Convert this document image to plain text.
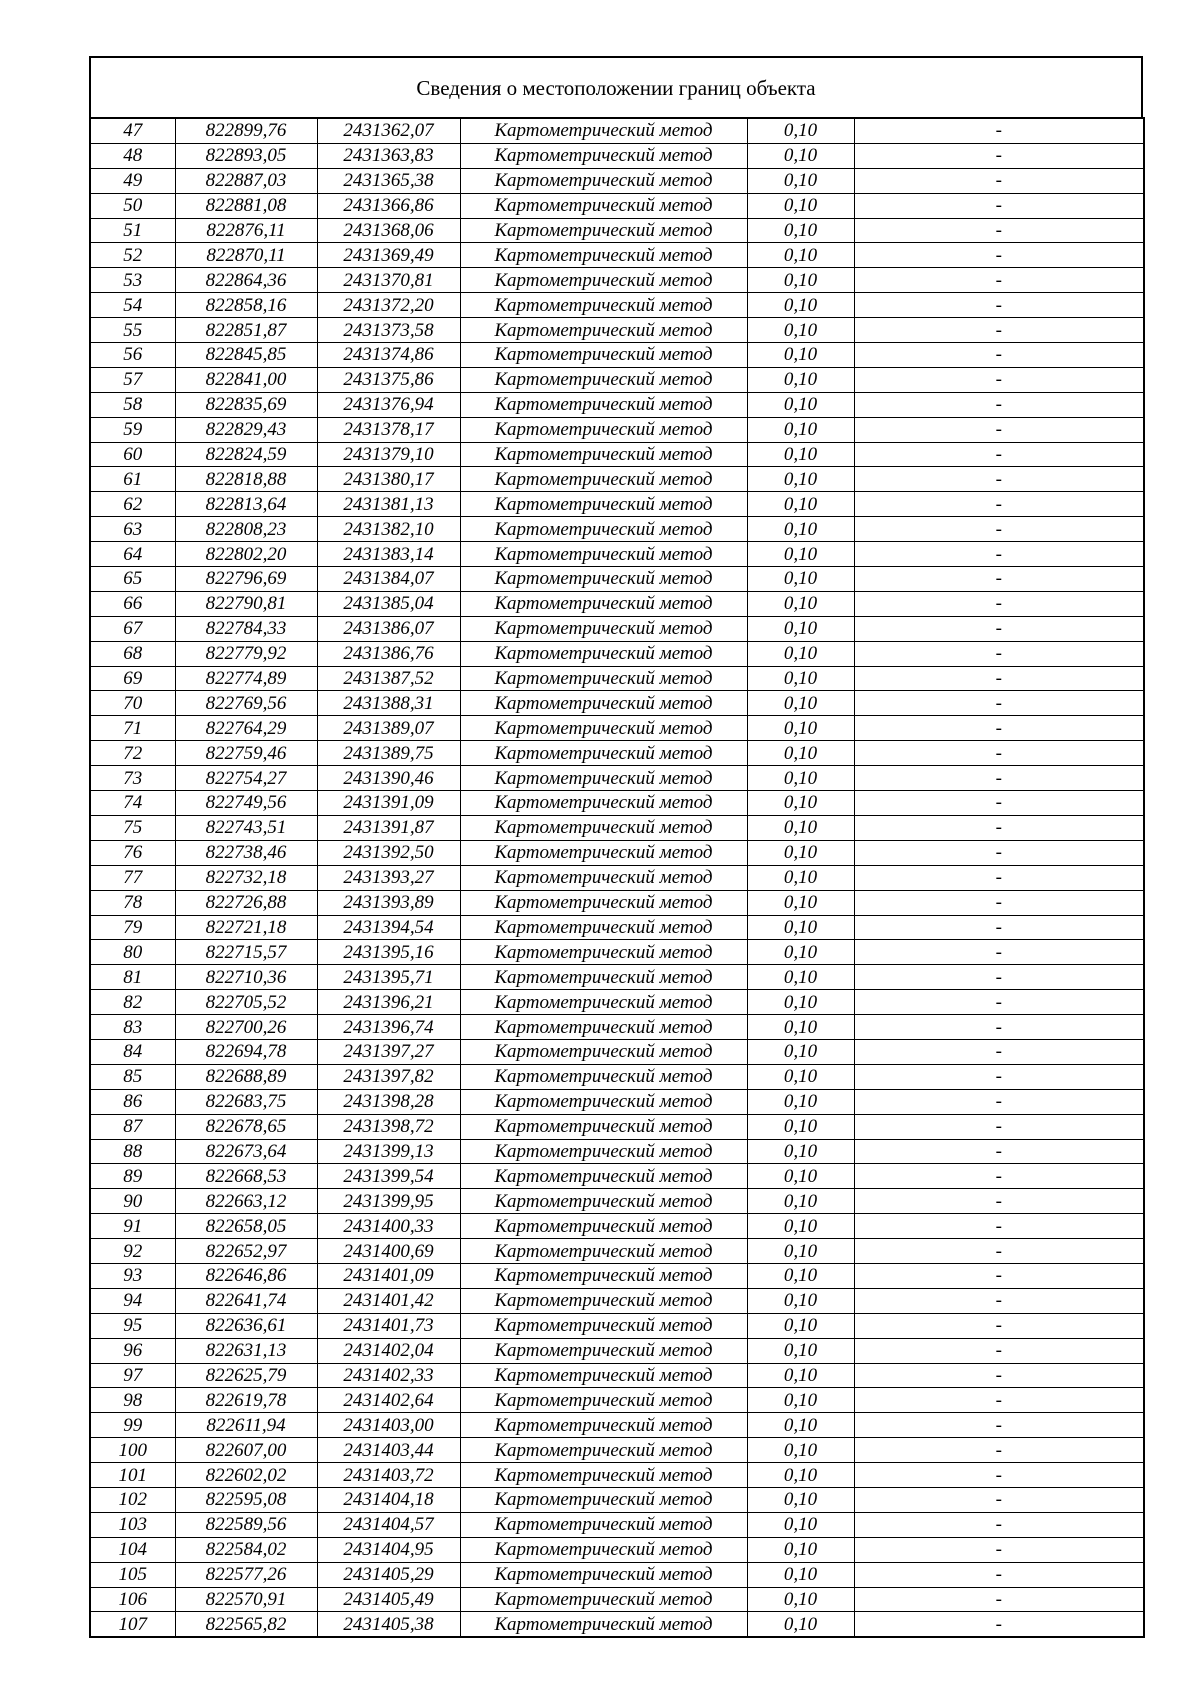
Сведения о местоположении границ объекта
47	822899,76	2431362,07	Картометрический метод	0,10	-
48	822893,05	2431363,83	Картометрический метод	0,10	-
49	822887,03	2431365,38	Картометрический метод	0,10	-
50	822881,08	2431366,86	Картометрический метод	0,10	-
51	822876,11	2431368,06	Картометрический метод	0,10	-
52	822870,11	2431369,49	Картометрический метод	0,10	-
53	822864,36	2431370,81	Картометрический метод	0,10	-
54	822858,16	2431372,20	Картометрический метод	0,10	-
55	822851,87	2431373,58	Картометрический метод	0,10	-
56	822845,85	2431374,86	Картометрический метод	0,10	-
57	822841,00	2431375,86	Картометрический метод	0,10	-
58	822835,69	2431376,94	Картометрический метод	0,10	-
59	822829,43	2431378,17	Картометрический метод	0,10	-
60	822824,59	2431379,10	Картометрический метод	0,10	-
61	822818,88	2431380,17	Картометрический метод	0,10	-
62	822813,64	2431381,13	Картометрический метод	0,10	-
63	822808,23	2431382,10	Картометрический метод	0,10	-
64	822802,20	2431383,14	Картометрический метод	0,10	-
65	822796,69	2431384,07	Картометрический метод	0,10	-
66	822790,81	2431385,04	Картометрический метод	0,10	-
67	822784,33	2431386,07	Картометрический метод	0,10	-
68	822779,92	2431386,76	Картометрический метод	0,10	-
69	822774,89	2431387,52	Картометрический метод	0,10	-
70	822769,56	2431388,31	Картометрический метод	0,10	-
71	822764,29	2431389,07	Картометрический метод	0,10	-
72	822759,46	2431389,75	Картометрический метод	0,10	-
73	822754,27	2431390,46	Картометрический метод	0,10	-
74	822749,56	2431391,09	Картометрический метод	0,10	-
75	822743,51	2431391,87	Картометрический метод	0,10	-
76	822738,46	2431392,50	Картометрический метод	0,10	-
77	822732,18	2431393,27	Картометрический метод	0,10	-
78	822726,88	2431393,89	Картометрический метод	0,10	-
79	822721,18	2431394,54	Картометрический метод	0,10	-
80	822715,57	2431395,16	Картометрический метод	0,10	-
81	822710,36	2431395,71	Картометрический метод	0,10	-
82	822705,52	2431396,21	Картометрический метод	0,10	-
83	822700,26	2431396,74	Картометрический метод	0,10	-
84	822694,78	2431397,27	Картометрический метод	0,10	-
85	822688,89	2431397,82	Картометрический метод	0,10	-
86	822683,75	2431398,28	Картометрический метод	0,10	-
87	822678,65	2431398,72	Картометрический метод	0,10	-
88	822673,64	2431399,13	Картометрический метод	0,10	-
89	822668,53	2431399,54	Картометрический метод	0,10	-
90	822663,12	2431399,95	Картометрический метод	0,10	-
91	822658,05	2431400,33	Картометрический метод	0,10	-
92	822652,97	2431400,69	Картометрический метод	0,10	-
93	822646,86	2431401,09	Картометрический метод	0,10	-
94	822641,74	2431401,42	Картометрический метод	0,10	-
95	822636,61	2431401,73	Картометрический метод	0,10	-
96	822631,13	2431402,04	Картометрический метод	0,10	-
97	822625,79	2431402,33	Картометрический метод	0,10	-
98	822619,78	2431402,64	Картометрический метод	0,10	-
99	822611,94	2431403,00	Картометрический метод	0,10	-
100	822607,00	2431403,44	Картометрический метод	0,10	-
101	822602,02	2431403,72	Картометрический метод	0,10	-
102	822595,08	2431404,18	Картометрический метод	0,10	-
103	822589,56	2431404,57	Картометрический метод	0,10	-
104	822584,02	2431404,95	Картометрический метод	0,10	-
105	822577,26	2431405,29	Картометрический метод	0,10	-
106	822570,91	2431405,49	Картометрический метод	0,10	-
107	822565,82	2431405,38	Картометрический метод	0,10	-
